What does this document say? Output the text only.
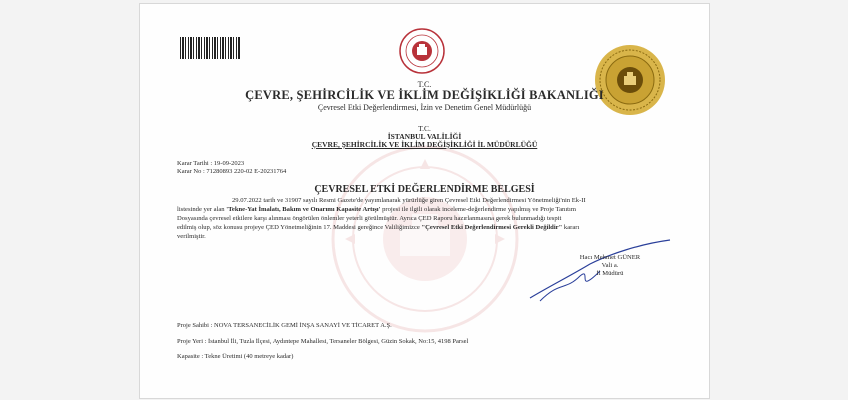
T.C.
ÇEVRE, ŞEHİRCİLİK VE İKLİM DEĞİŞİKLİĞİ BAKANLIĞI
Çevresel Etki Değerlendirmesi, İzin ve Denetim Genel Müdürlüğü
T.C.
İSTANBUL VALİLİĞİ
ÇEVRE, ŞEHİRCİLİK VE İKLİM DEĞİŞİKLİĞİ İL MÜDÜRLÜĞÜ
Karar Tarihi : 19-09-2023
Karar No : 71280893 220-02 E-20231764
ÇEVRESEL ETKİ DEĞERLENDİRME BELGESİ

29.07.2022 tarih ve 31907 sayılı Resmi Gazete'de yayımlanarak yürürlüğe giren Çevresel Etki Değerlendirmesi Yönetmeliği'nin Ek-II

listesinde yer alan 'Tekne-Yat İmalatı, Bakım ve Onarımı Kapasite Artışı' projesi ile ilgili olarak inceleme-değerlendirme yapılmış ve Proje Tanıtım

Dosyasında çevresel etkilere karşı alınması öngörülen önlemler yeterli görülmüştür. Ayrıca ÇED Raporu hazırlanmasına gerek bulunmadığı tespit

edilmiş olup, söz konusu projeye ÇED Yönetmeliğinin 17. Maddesi gereğince Valiliğimizce "Çevresel Etki Değerlendirmesi Gerekli Değildir" kararı

verilmiştir.

Hacı Mehmet GÜNER
Vali a.
İl Müdürü
Proje Sahibi : NOVA TERSANECİLİK GEMİ İNŞA SANAYİ VE TİCARET A.Ş.
Proje Yeri : İstanbul İli, Tuzla İlçesi, Aydıntepe Mahallesi, Tersaneler Bölgesi, Güzin Sokak, No:15, 4198 Parsel
Kapasite : Tekne Üretimi (40 metreye kadar)
